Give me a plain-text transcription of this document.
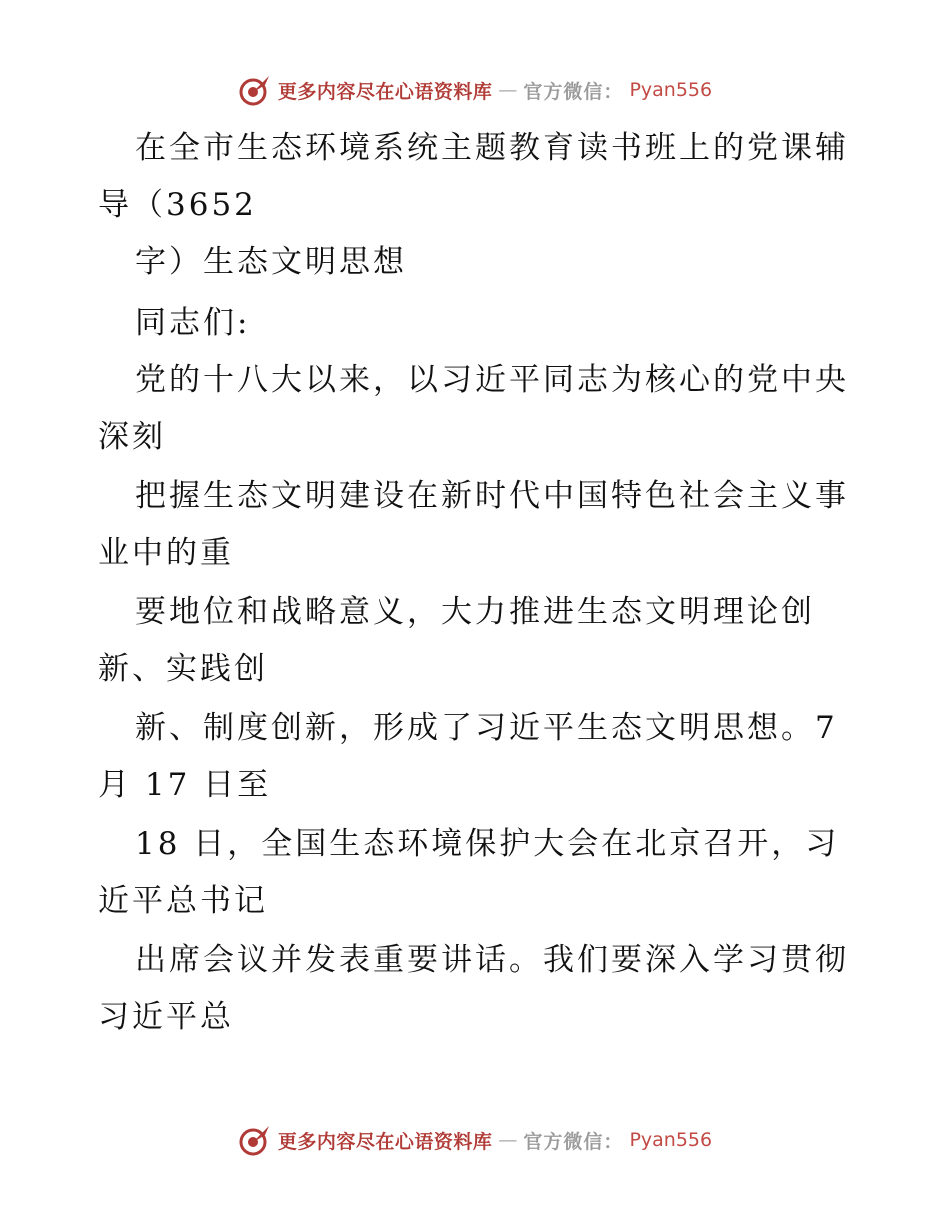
更多内容尽在心语资料库 — 官方微信： Pyan556
在全市生态环境系统主题教育读书班上的党课辅
导（3652
字）生态文明思想
同志们:
党的十八大以来，以习近平同志为核心的党中央
深刻
把握生态文明建设在新时代中国特色社会主义事
业中的重
要地位和战略意义，大力推进生态文明理论创
新、实践创
新、制度创新，形成了习近平生态文明思想。7
月 17 日至
18 日，全国生态环境保护大会在北京召开，习
近平总书记
出席会议并发表重要讲话。我们要深入学习贯彻
习近平总
更多内容尽在心语资料库 — 官方微信： Pyan556
